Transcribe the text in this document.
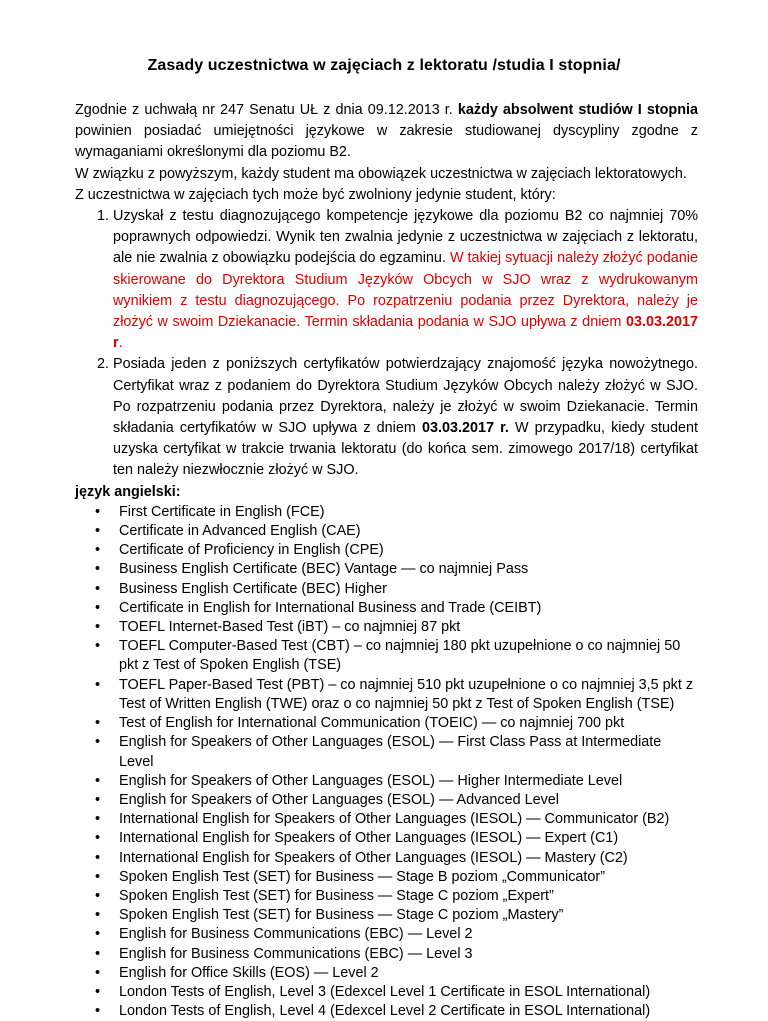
Zasady uczestnictwa w zajęciach z lektoratu /studia I stopnia/

Zgodnie z uchwałą nr 247 Senatu UŁ z dnia 09.12.2013 r. każdy absolwent studiów I stopnia powinien posiadać umiejętności językowe w zakresie studiowanej dyscypliny zgodne z wymaganiami określonymi dla poziomu B2.

W związku z powyższym, każdy student ma obowiązek uczestnictwa w zajęciach lektoratowych.

Z uczestnictwa w zajęciach tych może być zwolniony jedynie student, który:

1. Uzyskał z testu diagnozującego kompetencje językowe dla poziomu B2 co najmniej 70% poprawnych odpowiedzi. Wynik ten zwalnia jedynie z uczestnictwa w zajęciach z lektoratu, ale nie zwalnia z obowiązku podejścia do egzaminu. W takiej sytuacji należy złożyć podanie skierowane do Dyrektora Studium Języków Obcych w SJO wraz z wydrukowanym wynikiem z testu diagnozującego. Po rozpatrzeniu podania przez Dyrektora, należy je złożyć w swoim Dziekanacie. Termin składania podania w SJO upływa z dniem 03.03.2017 r.
2. Posiada jeden z poniższych certyfikatów potwierdzający znajomość języka nowożytnego. Certyfikat wraz z podaniem do Dyrektora Studium Języków Obcych należy złożyć w SJO. Po rozpatrzeniu podania przez Dyrektora, należy je złożyć w swoim Dziekanacie. Termin składania certyfikatów w SJO upływa z dniem 03.03.2017 r. W przypadku, kiedy student uzyska certyfikat w trakcie trwania lektoratu (do końca sem. zimowego 2017/18) certyfikat ten należy niezwłocznie złożyć w SJO.

język angielski:

• First Certificate in English (FCE)
• Certificate in Advanced English (CAE)
• Certificate of Proficiency in English (CPE)
• Business English Certificate (BEC) Vantage — co najmniej Pass
• Business English Certificate (BEC) Higher
• Certificate in English for International Business and Trade (CEIBT)
• TOEFL Internet-Based Test (iBT) – co najmniej 87 pkt
• TOEFL Computer-Based Test (CBT) – co najmniej 180 pkt uzupełnione o co najmniej 50 pkt z Test of Spoken English (TSE)
• TOEFL Paper-Based Test (PBT) – co najmniej 510 pkt uzupełnione o co najmniej 3,5 pkt z Test of Written English (TWE) oraz o co najmniej 50 pkt z Test of Spoken English (TSE)
• Test of English for International Communication (TOEIC) — co najmniej 700 pkt
• English for Speakers of Other Languages (ESOL) — First Class Pass at Intermediate Level
• English for Speakers of Other Languages (ESOL) — Higher Intermediate Level
• English for Speakers of Other Languages (ESOL) — Advanced Level
• International English for Speakers of Other Languages (IESOL) — Communicator (B2)
• International English for Speakers of Other Languages (IESOL) — Expert (C1)
• International English for Speakers of Other Languages (IESOL) — Mastery (C2)
• Spoken English Test (SET) for Business — Stage B poziom „Communicator”
• Spoken English Test (SET) for Business — Stage C poziom „Expert”
• Spoken English Test (SET) for Business — Stage C poziom „Mastery”
• English for Business Communications (EBC) — Level 2
• English for Business Communications (EBC) — Level 3
• English for Office Skills (EOS) — Level 2
• London Tests of English, Level 3 (Edexcel Level 1 Certificate in ESOL International)
• London Tests of English, Level 4 (Edexcel Level 2 Certificate in ESOL International)
